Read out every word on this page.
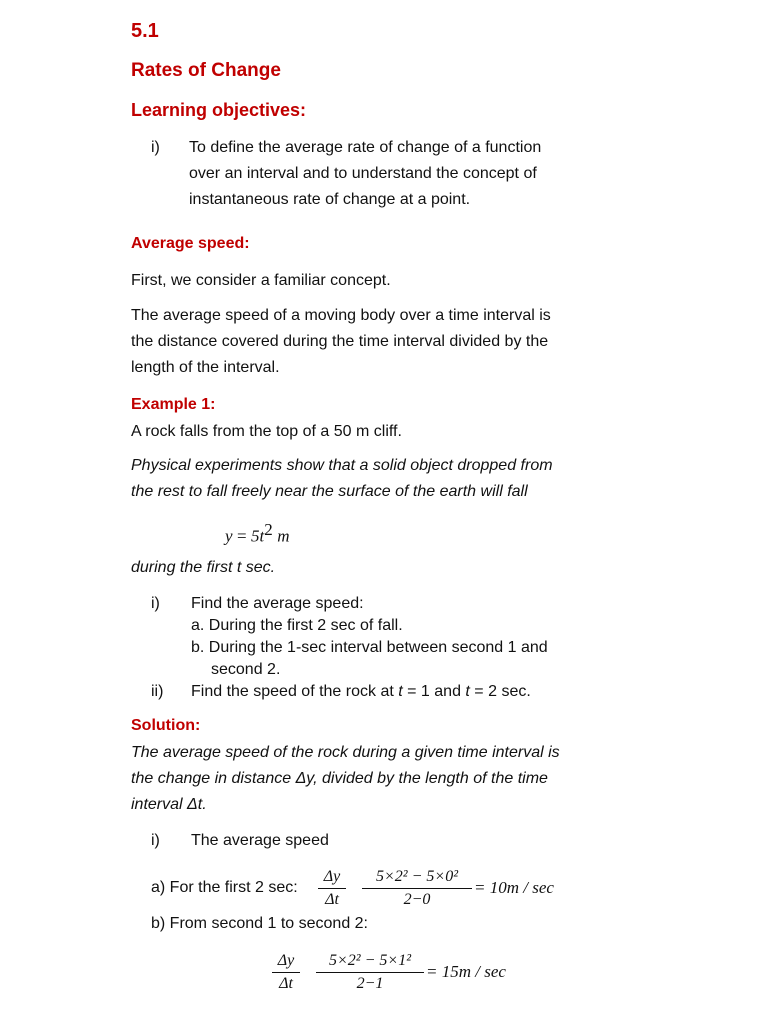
5.1
Rates of Change
Learning objectives:
i) To define the average rate of change of a function
over an interval and to understand the concept of
instantaneous rate of change at a point.
Average speed:
First, we consider a familiar concept.
The average speed of a moving body over a time interval is
the distance covered during the time interval divided by the
length of the interval.
Example 1:
A rock falls from the top of a 50 m cliff.
Physical experiments show that a solid object dropped from
the rest to fall freely near the surface of the earth will fall
$y = 5t^2$ m
during the first t sec.
i) Find the average speed:
a. During the first 2 sec of fall.
b. During the 1-sec interval between second 1 and
second 2.
ii) Find the speed of the rock at t = 1 and t = 2 sec.
Solution:
The average speed of the rock during a given time interval is
the change in distance Δy, divided by the length of the time
interval Δt.
i) The average speed
a) For the first 2 sec:
Δy
Δt
5×2² − 5×0²
2−0
= 10m / sec
b) From second 1 to second 2:
Δy
Δt
5×2² − 5×1²
2−1
= 15m / sec
